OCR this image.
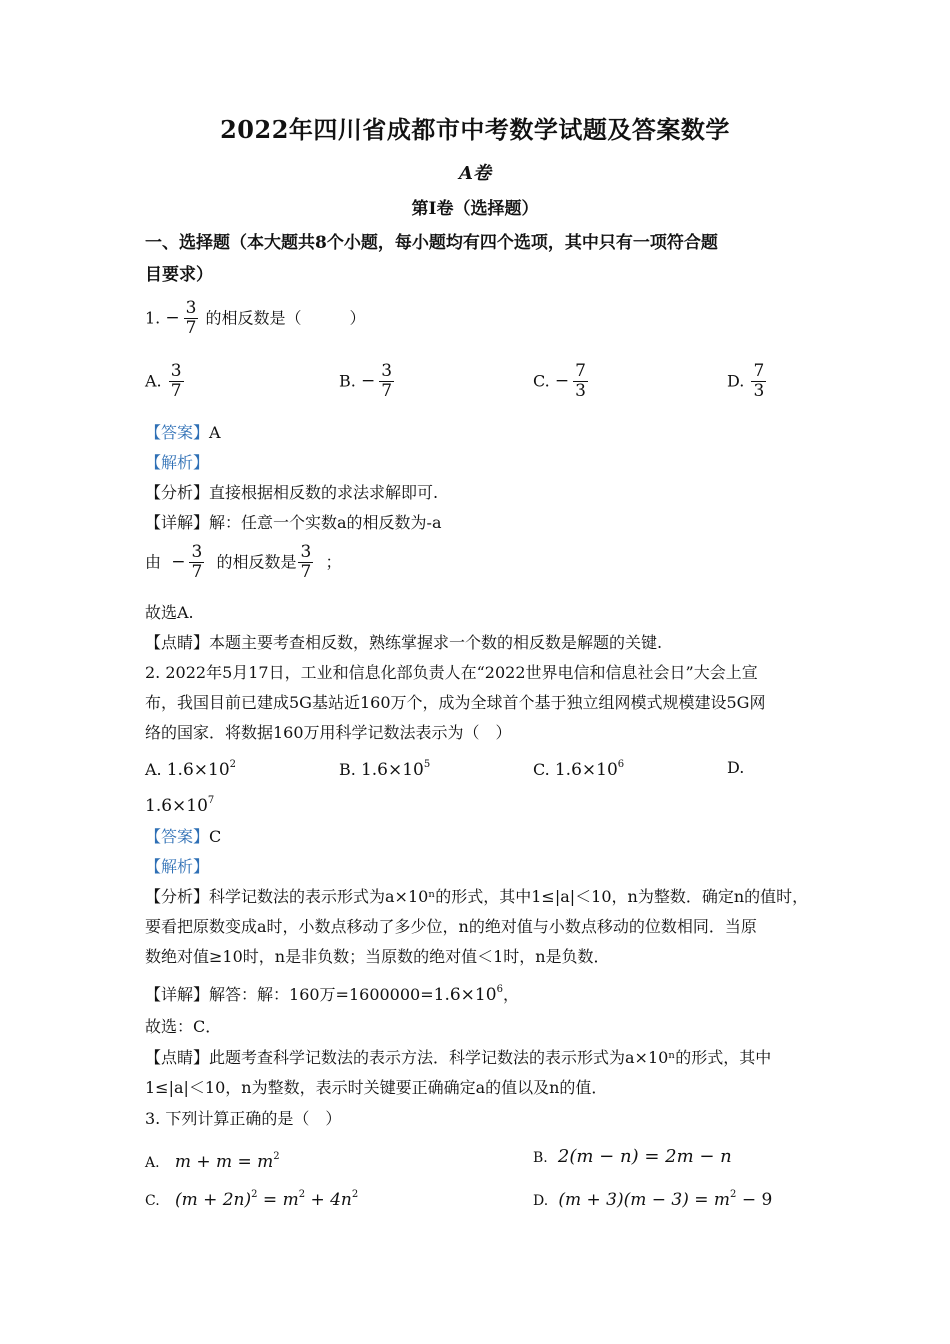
2022年四川省成都市中考数学试题及答案数学
A卷
第Ⅰ卷（选择题）
一、选择题（本大题共8个小题，每小题均有四个选项，其中只有一项符合题
目要求）
1. − $\frac{3}{7}$ 的相反数是（　　　）
A. $\frac{3}{7}$	B. − $\frac{3}{7}$	C. − $\frac{7}{3}$	D. $\frac{7}{3}$
【答案】A
【解析】
【分析】直接根据相反数的求法求解即可.
【详解】解：任意一个实数a的相反数为-a
由 − $\frac{3}{7}$ 的相反数是 $\frac{3}{7}$ ；
故选A.
【点睛】本题主要考查相反数，熟练掌握求一个数的相反数是解题的关键.
2. 2022年5月17日，工业和信息化部负责人在“2022世界电信和信息社会日”大会上宣
布，我国目前已建成5G基站近160万个，成为全球首个基于独立组网模式规模建设5G网
络的国家．将数据160万用科学记数法表示为（　）
A. $1.6\times 10^2$	B. $1.6\times 10^5$	C. $1.6\times 10^6$	D.
$1.6\times 10^7$
【答案】C
【解析】
【分析】科学记数法的表示形式为a×10ⁿ的形式，其中1≤|a|＜10，n为整数．确定n的值时，
要看把原数变成a时，小数点移动了多少位，n的绝对值与小数点移动的位数相同．当原
数绝对值≥10时，n是非负数；当原数的绝对值＜1时，n是负数．
【详解】解答：解：160万$=1600000=1.6\times 10^6$，
故选：C．
【点睛】此题考查科学记数法的表示方法．科学记数法的表示形式为a×10ⁿ的形式，其中
1≤|a|＜10，n为整数，表示时关键要正确确定a的值以及n的值．
3. 下列计算正确的是（　）
A. $m + m = m^2$	B. 2(m − n) = 2m − n
C. $(m + 2n)^2 = m^2 + 4n^2$	D. $(m + 3)(m - 3) = m^2 - 9$
